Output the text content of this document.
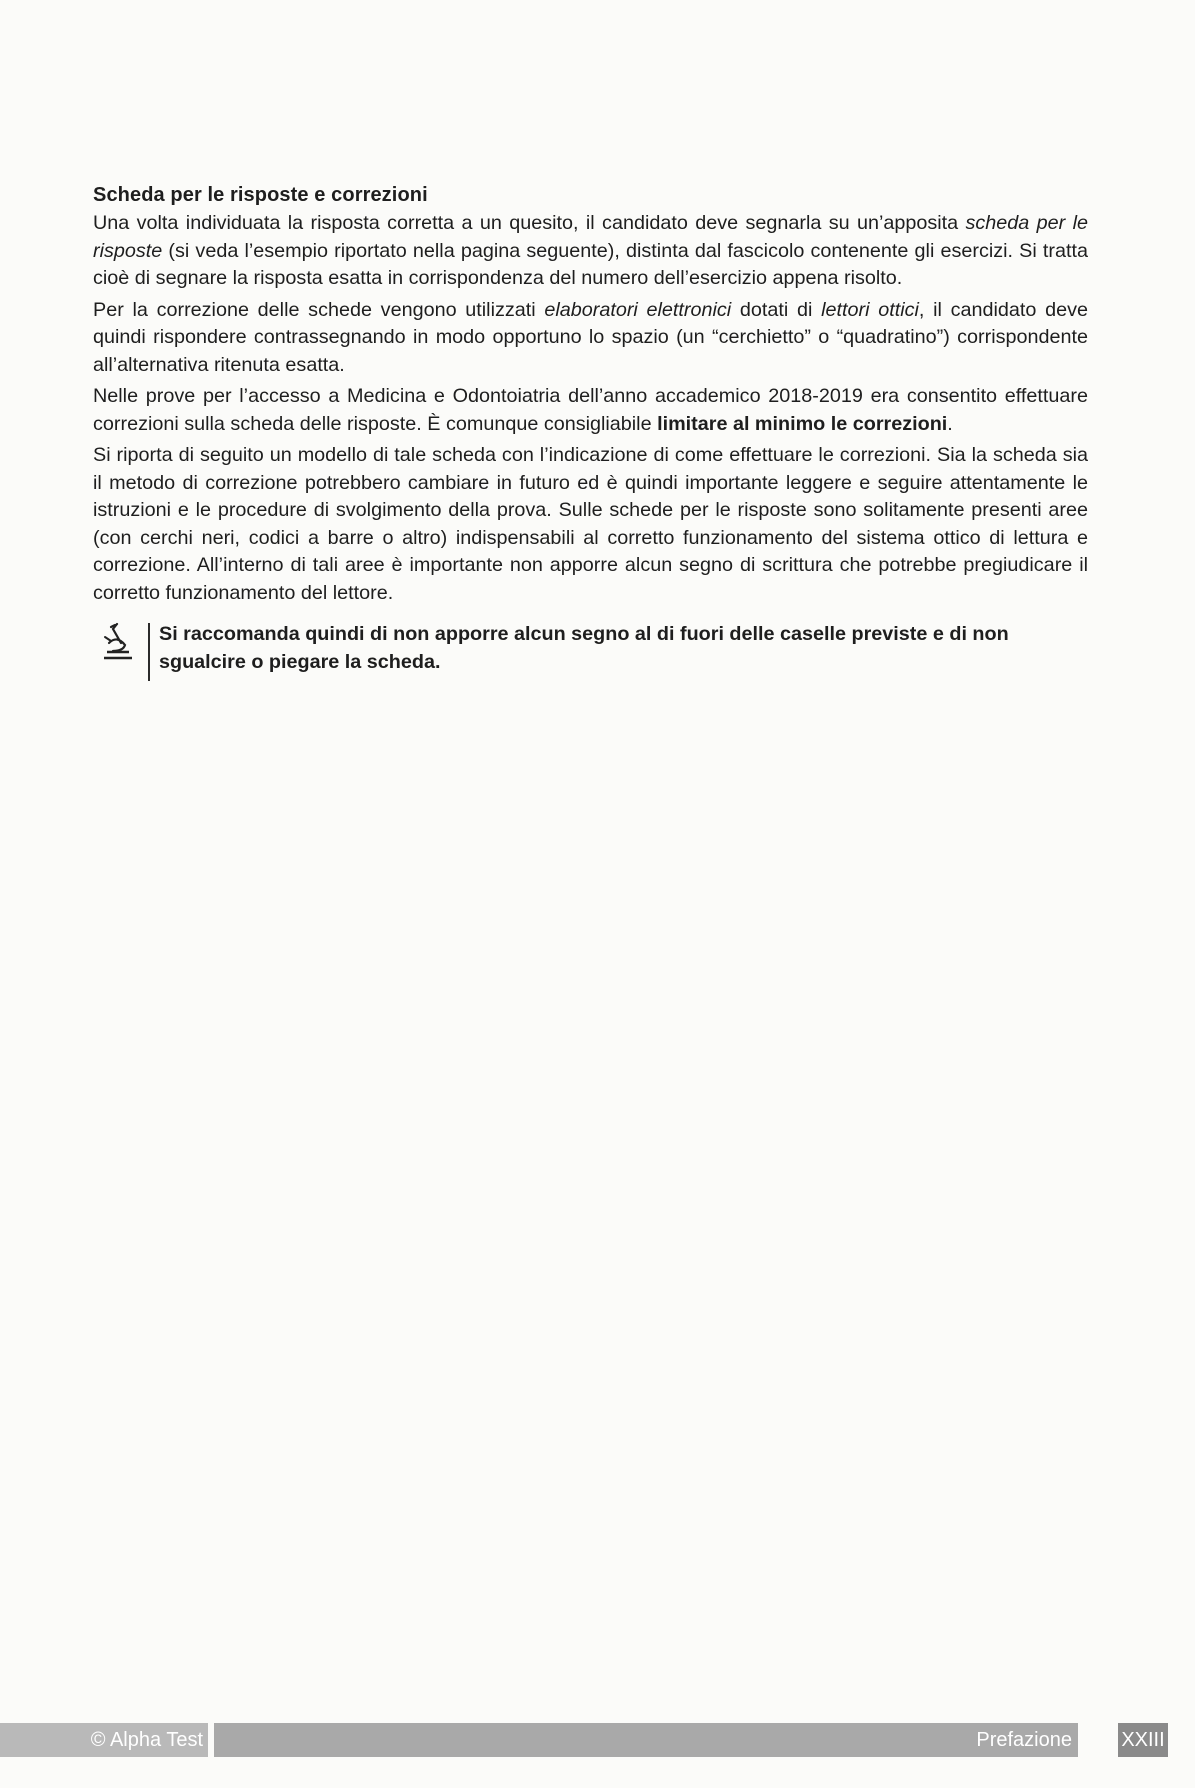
Scheda per le risposte e correzioni

Una volta individuata la risposta corretta a un quesito, il candidato deve segnarla su un’apposita scheda per le risposte (si veda l’esempio riportato nella pagina seguente), distinta dal fascicolo contenente gli esercizi. Si tratta cioè di segnare la risposta esatta in corrispondenza del numero dell’esercizio appena risolto.

Per la correzione delle schede vengono utilizzati elaboratori elettronici dotati di lettori ottici, il candidato deve quindi rispondere contrassegnando in modo opportuno lo spazio (un “cerchietto” o “quadratino”) corrispondente all’alternativa ritenuta esatta.

Nelle prove per l’accesso a Medicina e Odontoiatria dell’anno accademico 2018-2019 era consentito effettuare correzioni sulla scheda delle risposte. È comunque consigliabile limitare al minimo le correzioni.

Si riporta di seguito un modello di tale scheda con l’indicazione di come effettuare le correzioni. Sia la scheda sia il metodo di correzione potrebbero cambiare in futuro ed è quindi importante leggere e seguire attentamente le istruzioni e le procedure di svolgimento della prova. Sulle schede per le risposte sono solitamente presenti aree (con cerchi neri, codici a barre o altro) indispensabili al corretto funzionamento del sistema ottico di lettura e correzione. All’interno di tali aree è importante non apporre alcun segno di scrittura che potrebbe pregiudicare il corretto funzionamento del lettore.

Si raccomanda quindi di non apporre alcun segno al di fuori delle caselle previste e di non sgualcire o piegare la scheda.
© Alpha Test	Prefazione XXIII
